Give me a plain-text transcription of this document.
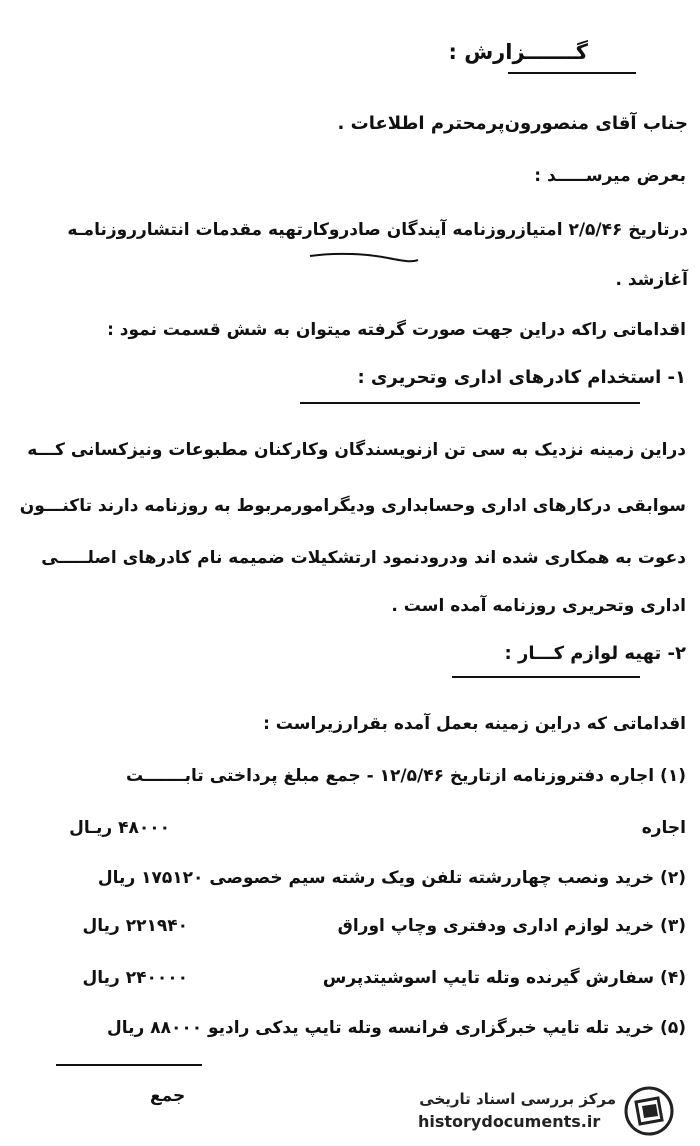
گـــــــزارش :
جناب آقای منصورون‌پرمحترم اطلاعات .
بعرض میرســـــد :
درتاریخ ۲/۵/۴۶ امتیازروزنامه آیندگان صادروکارتهیه مقدمات انتشارروزنامـه
آغازشد .
اقداماتی راکه دراین جهت صورت گرفته میتوان به شش قسمت نمود :
۱- استخدام کادرهای اداری وتحریری :
دراین زمینه نزدیک به سی تن ازنویسندگان وکارکنان مطبوعات ونیزکسانی کـــه
سوابقی درکارهای اداری وحسابداری ودیگرامورمربوط به روزنامه دارند تاکنـــون
دعوت به همکاری شده اند ودرودنمود ارتشکیلات ضمیمه نام کادرهای اصلـــــی
اداری وتحریری روزنامه آمده است .
۲- تهیه لوازم کـــار :
اقداماتی که دراین زمینه بعمل آمده بقرارزیراست :
(۱) اجاره دفتروزنامه ازتاریخ ۱۲/۵/۴۶ - جمع مبلغ پرداختی تابـــــــت
اجاره
۴۸۰۰۰ ریـال
(۲) خرید ونصب چهاررشته تلفن ویک رشته سیم خصوصی ۱۷۵۱۲۰ ریال
(۳) خرید لوازم اداری ودفتری وچاپ اوراق
۲۲۱۹۴۰ ریال
(۴) سفارش گیرنده وتله تایپ اسوشیتدپرس
۲۴۰۰۰۰ ریال
(۵) خرید تله تایپ خبرگزاری فرانسه وتله تایپ یدکی رادیو ۸۸۰۰۰ ریال
جمع	مرکز بررسی اسناد تاریخی
historydocuments.ir
